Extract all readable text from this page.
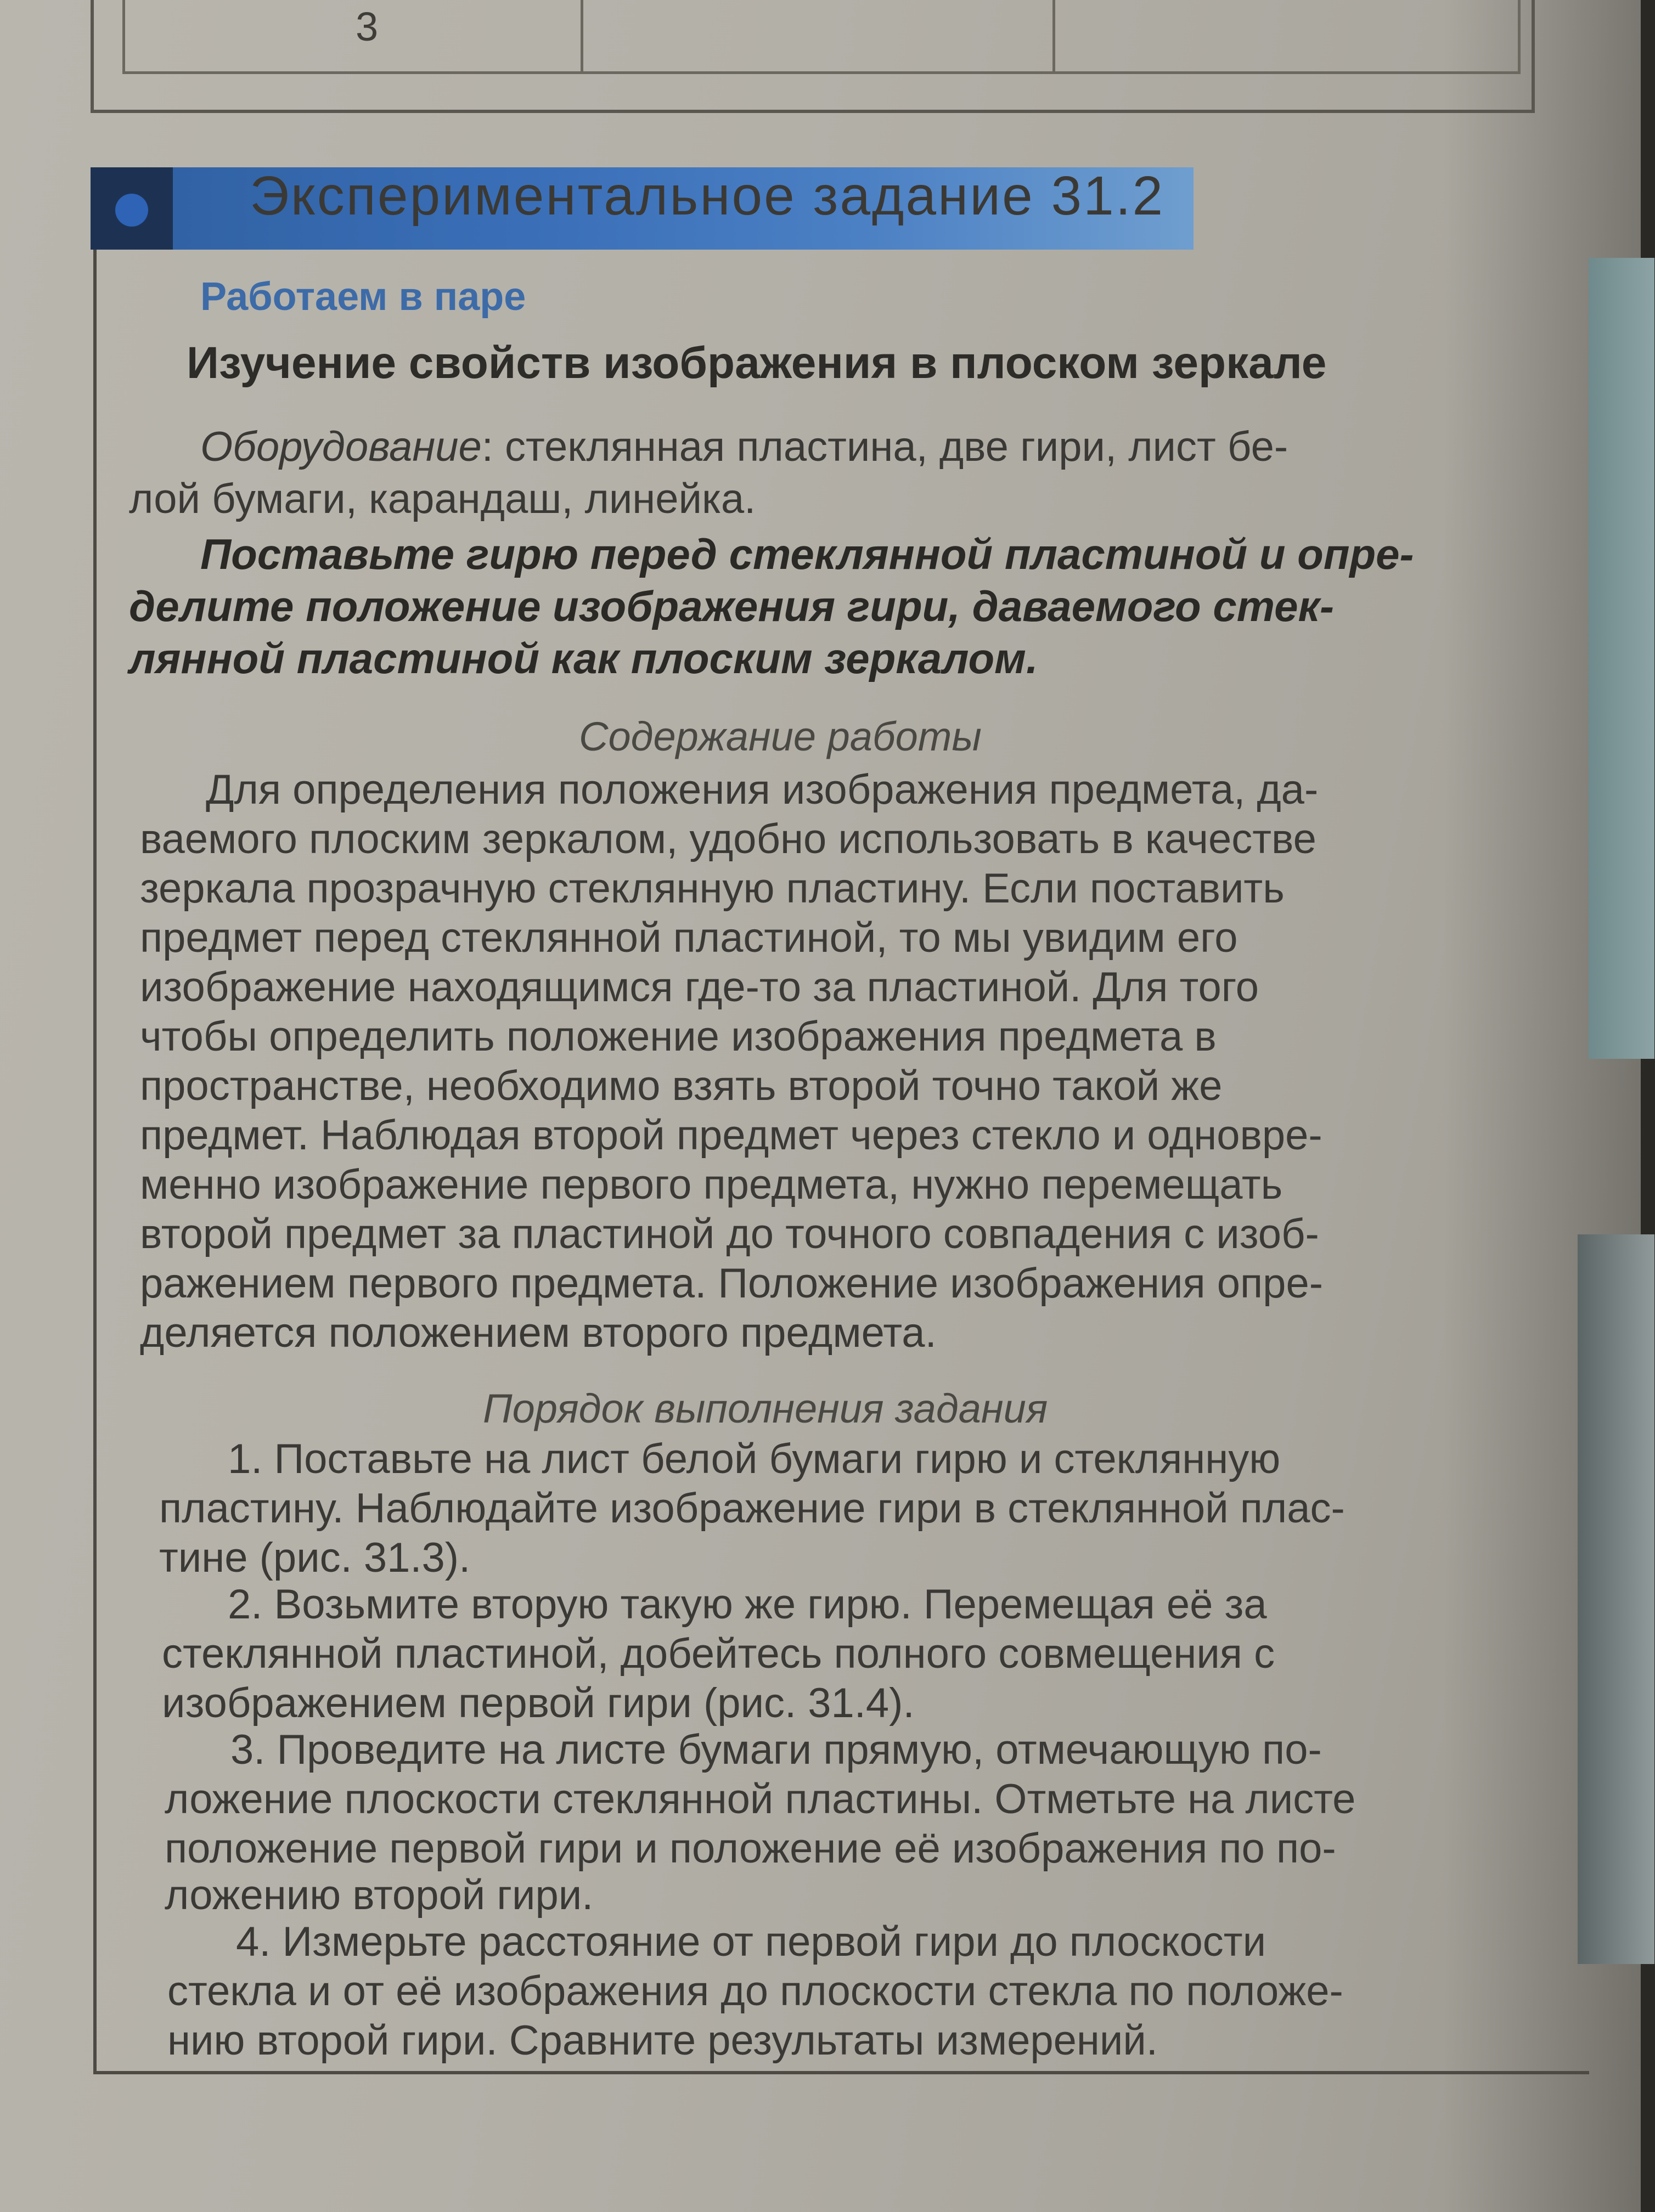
3
Экспериментальное задание 31.2
Работаем в паре
Изучение свойств изображения в плоском зеркале
Оборудование: стеклянная пластина, две гири, лист бе-
лой бумаги, карандаш, линейка.
Поставьте гирю перед стеклянной пластиной и опре-
делите положение изображения гири, даваемого стек-
лянной пластиной как плоским зеркалом.
Содержание работы
Для определения положения изображения предмета, да-
ваемого плоским зеркалом, удобно использовать в качестве
зеркала прозрачную стеклянную пластину. Если поставить
предмет перед стеклянной пластиной, то мы увидим его
изображение находящимся где-то за пластиной. Для того
чтобы определить положение изображения предмета в
пространстве, необходимо взять второй точно такой же
предмет. Наблюдая второй предмет через стекло и одновре-
менно изображение первого предмета, нужно перемещать
второй предмет за пластиной до точного совпадения с изоб-
ражением первого предмета. Положение изображения опре-
деляется положением второго предмета.
Порядок выполнения задания
1. Поставьте на лист белой бумаги гирю и стеклянную
пластину. Наблюдайте изображение гири в стеклянной плас-
тине (рис. 31.3).
2. Возьмите вторую такую же гирю. Перемещая её за
стеклянной пластиной, добейтесь полного совмещения с
изображением первой гири (рис. 31.4).
3. Проведите на листе бумаги прямую, отмечающую по-
ложение плоскости стеклянной пластины. Отметьте на листе
положение первой гири и положение её изображения по по-
ложению второй гири.
4. Измерьте расстояние от первой гири до плоскости
стекла и от её изображения до плоскости стекла по положе-
нию второй гири. Сравните результаты измерений.
